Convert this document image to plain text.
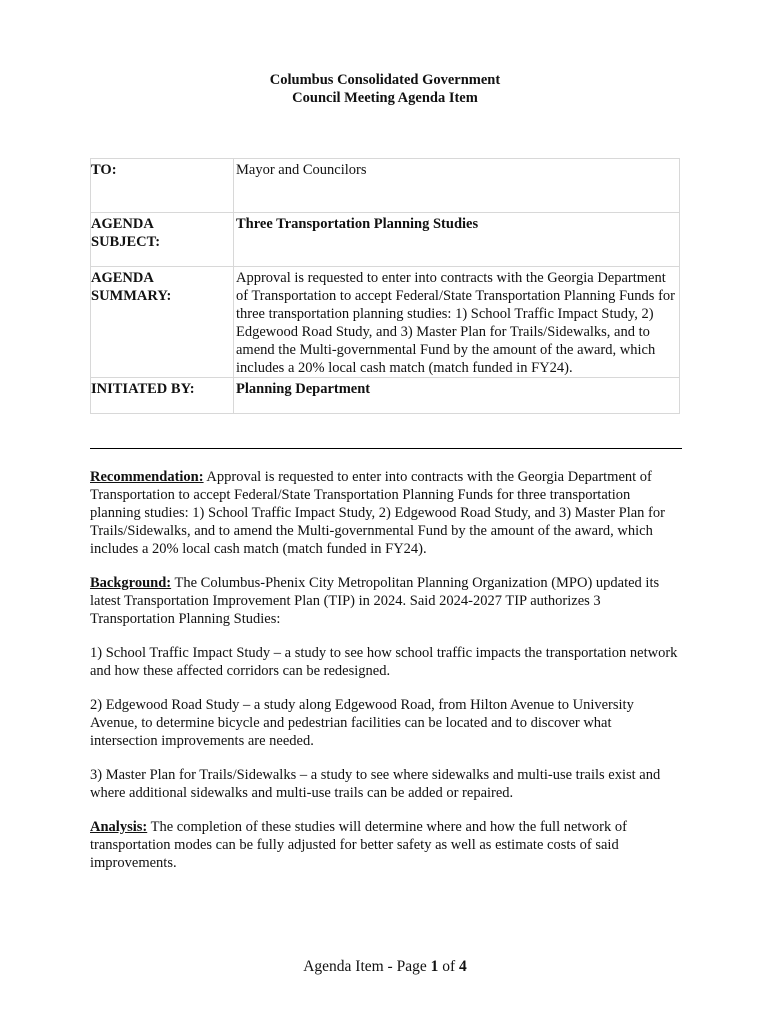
Columbus Consolidated Government
Council Meeting Agenda Item
TO:	Mayor and Councilors

AGENDA
SUBJECT:	Three Transportation Planning Studies

AGENDA
SUMMARY:	Approval is requested to enter into contracts with the Georgia Department of Transportation to accept Federal/State Transportation Planning Funds for three transportation planning studies: 1) School Traffic Impact Study, 2) Edgewood Road Study, and 3) Master Plan for Trails/Sidewalks, and to amend the Multi-governmental Fund by the amount of the award, which includes a 20% local cash match (match funded in FY24).
INITIATED BY:	Planning Department

Recommendation: Approval is requested to enter into contracts with the Georgia Department of Transportation to accept Federal/State Transportation Planning Funds for three transportation planning studies: 1) School Traffic Impact Study, 2) Edgewood Road Study, and 3) Master Plan for Trails/Sidewalks, and to amend the Multi-governmental Fund by the amount of the award, which includes a 20% local cash match (match funded in FY24).

Background: The Columbus-Phenix City Metropolitan Planning Organization (MPO) updated its latest Transportation Improvement Plan (TIP) in 2024. Said 2024-2027 TIP authorizes 3 Transportation Planning Studies:

1) School Traffic Impact Study – a study to see how school traffic impacts the transportation network and how these affected corridors can be redesigned.

2) Edgewood Road Study – a study along Edgewood Road, from Hilton Avenue to University Avenue, to determine bicycle and pedestrian facilities can be located and to discover what intersection improvements are needed.

3) Master Plan for Trails/Sidewalks – a study to see where sidewalks and multi-use trails exist and where additional sidewalks and multi-use trails can be added or repaired.

Analysis: The completion of these studies will determine where and how the full network of transportation modes can be fully adjusted for better safety as well as estimate costs of said improvements.

Agenda Item - Page 1 of 4
